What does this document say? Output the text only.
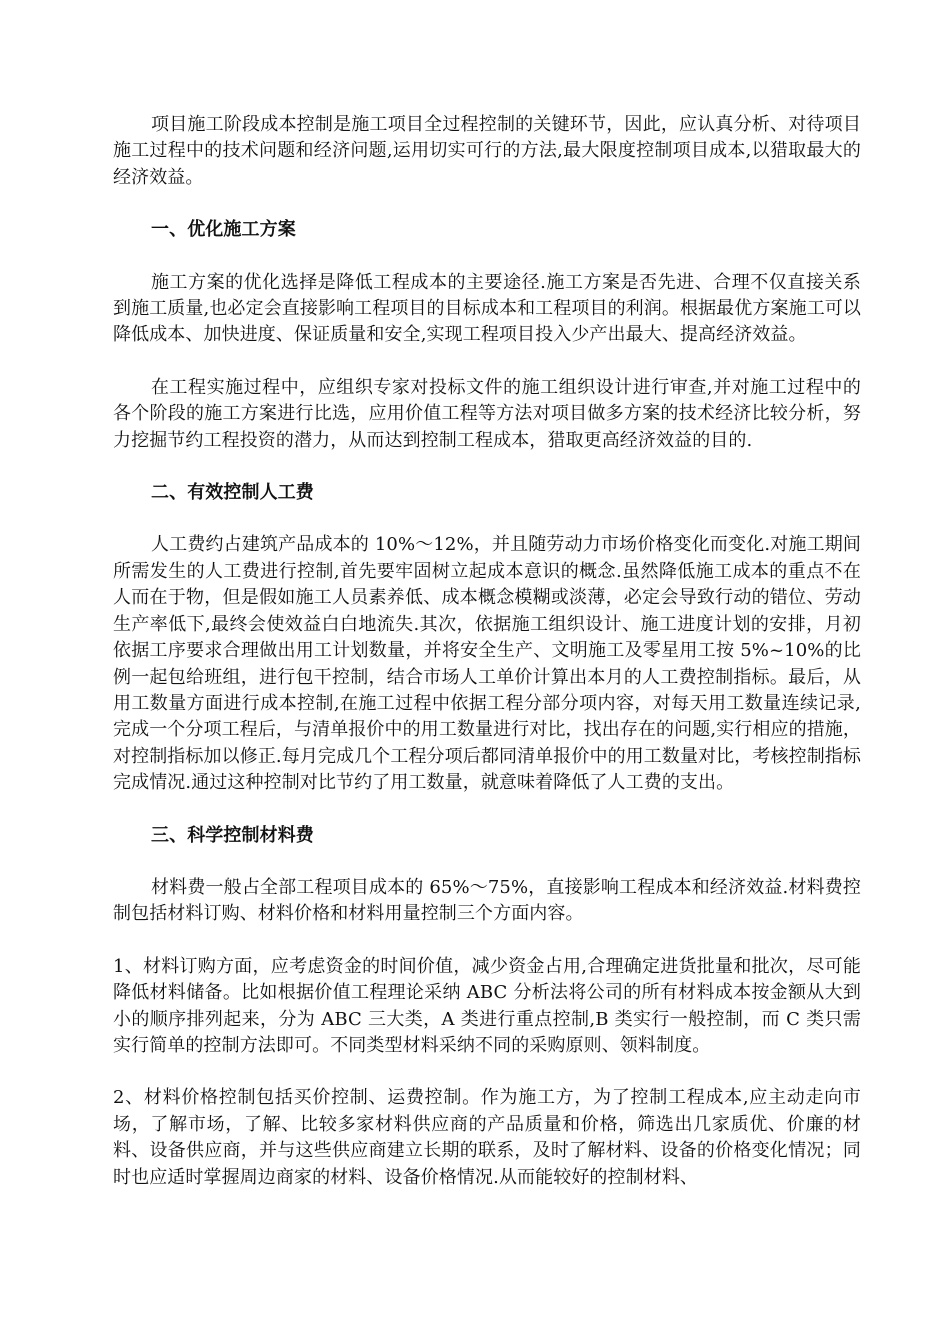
项目施工阶段成本控制是施工项目全过程控制的关键环节，因此，应认真分析、对待项目施工过程中的技术问题和经济问题,运用切实可行的方法,最大限度控制项目成本,以猎取最大的经济效益。

一、优化施工方案

施工方案的优化选择是降低工程成本的主要途径.施工方案是否先进、合理不仅直接关系到施工质量,也必定会直接影响工程项目的目标成本和工程项目的利润。根据最优方案施工可以降低成本、加快进度、保证质量和安全,实现工程项目投入少产出最大、提高经济效益。

在工程实施过程中，应组织专家对投标文件的施工组织设计进行审查,并对施工过程中的各个阶段的施工方案进行比选，应用价值工程等方法对项目做多方案的技术经济比较分析，努力挖掘节约工程投资的潜力，从而达到控制工程成本，猎取更高经济效益的目的.

二、有效控制人工费

人工费约占建筑产品成本的 10%～12%，并且随劳动力市场价格变化而变化.对施工期间所需发生的人工费进行控制,首先要牢固树立起成本意识的概念.虽然降低施工成本的重点不在人而在于物，但是假如施工人员素养低、成本概念模糊或淡薄，必定会导致行动的错位、劳动生产率低下,最终会使效益白白地流失.其次，依据施工组织设计、施工进度计划的安排，月初依据工序要求合理做出用工计划数量，并将安全生产、文明施工及零星用工按 5%~10%的比例一起包给班组，进行包干控制，结合市场人工单价计算出本月的人工费控制指标。最后，从用工数量方面进行成本控制,在施工过程中依据工程分部分项内容，对每天用工数量连续记录,完成一个分项工程后，与清单报价中的用工数量进行对比，找出存在的问题,实行相应的措施，对控制指标加以修正.每月完成几个工程分项后都同清单报价中的用工数量对比，考核控制指标完成情况.通过这种控制对比节约了用工数量，就意味着降低了人工费的支出。

三、科学控制材料费

材料费一般占全部工程项目成本的 65%～75%，直接影响工程成本和经济效益.材料费控制包括材料订购、材料价格和材料用量控制三个方面内容。

1、材料订购方面，应考虑资金的时间价值，减少资金占用,合理确定进货批量和批次，尽可能降低材料储备。比如根据价值工程理论采纳 ABC 分析法将公司的所有材料成本按金额从大到小的顺序排列起来，分为 ABC 三大类，A 类进行重点控制,B 类实行一般控制，而 C 类只需实行简单的控制方法即可。不同类型材料采纳不同的采购原则、领料制度。

2、材料价格控制包括买价控制、运费控制。作为施工方，为了控制工程成本,应主动走向市场，了解市场，了解、比较多家材料供应商的产品质量和价格，筛选出几家质优、价廉的材料、设备供应商，并与这些供应商建立长期的联系，及时了解材料、设备的价格变化情况；同时也应适时掌握周边商家的材料、设备价格情况.从而能较好的控制材料、
